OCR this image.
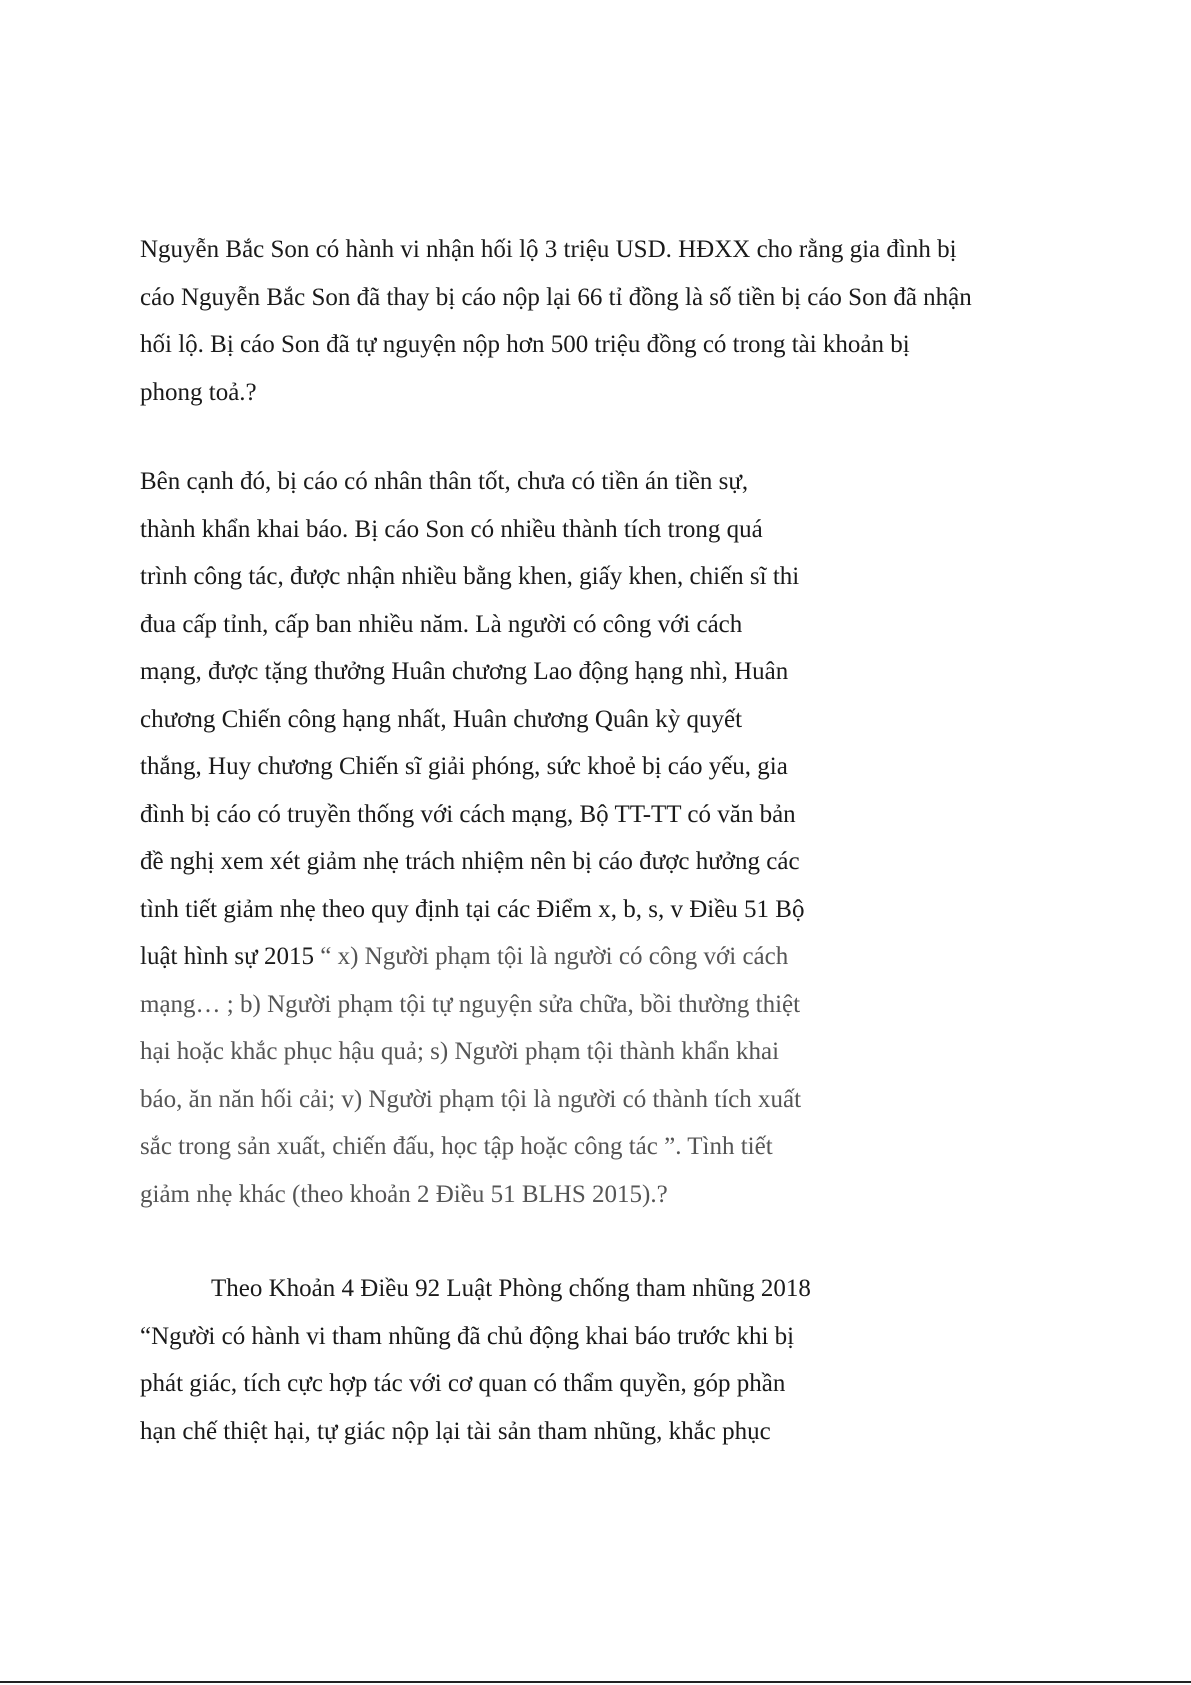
Nguyễn Bắc Son có hành vi nhận hối lộ 3 triệu USD. HĐXX cho rằng gia đình bị
cáo Nguyễn Bắc Son đã thay bị cáo nộp lại 66 tỉ đồng là số tiền bị cáo Son đã nhận
hối lộ. Bị cáo Son đã tự nguyện nộp hơn 500 triệu đồng có trong tài khoản bị
phong toả.?

Bên cạnh đó, bị cáo có nhân thân tốt, chưa có tiền án tiền sự,
thành khẩn khai báo. Bị cáo Son có nhiều thành tích trong quá
trình công tác, được nhận nhiều bằng khen, giấy khen, chiến sĩ thi
đua cấp tỉnh, cấp ban nhiều năm. Là người có công với cách
mạng, được tặng thưởng Huân chương Lao động hạng nhì, Huân
chương Chiến công hạng nhất, Huân chương Quân kỳ quyết
thắng, Huy chương Chiến sĩ giải phóng, sức khoẻ bị cáo yếu, gia
đình bị cáo có truyền thống với cách mạng, Bộ TT-TT có văn bản
đề nghị xem xét giảm nhẹ trách nhiệm nên bị cáo được hưởng các
tình tiết giảm nhẹ theo quy định tại các Điểm x, b, s, v Điều 51 Bộ
luật hình sự 2015 “ x) Người phạm tội là người có công với cách
mạng… ; b) Người phạm tội tự nguyện sửa chữa, bồi thường thiệt
hại hoặc khắc phục hậu quả; s) Người phạm tội thành khẩn khai
báo, ăn năn hối cải; v) Người phạm tội là người có thành tích xuất
sắc trong sản xuất, chiến đấu, học tập hoặc công tác ”. Tình tiết
giảm nhẹ khác (theo khoản 2 Điều 51 BLHS 2015).?

Theo Khoản 4 Điều 92 Luật Phòng chống tham nhũng 2018
“Người có hành vi tham nhũng đã chủ động khai báo trước khi bị
phát giác, tích cực hợp tác với cơ quan có thẩm quyền, góp phần
hạn chế thiệt hại, tự giác nộp lại tài sản tham nhũng, khắc phục
